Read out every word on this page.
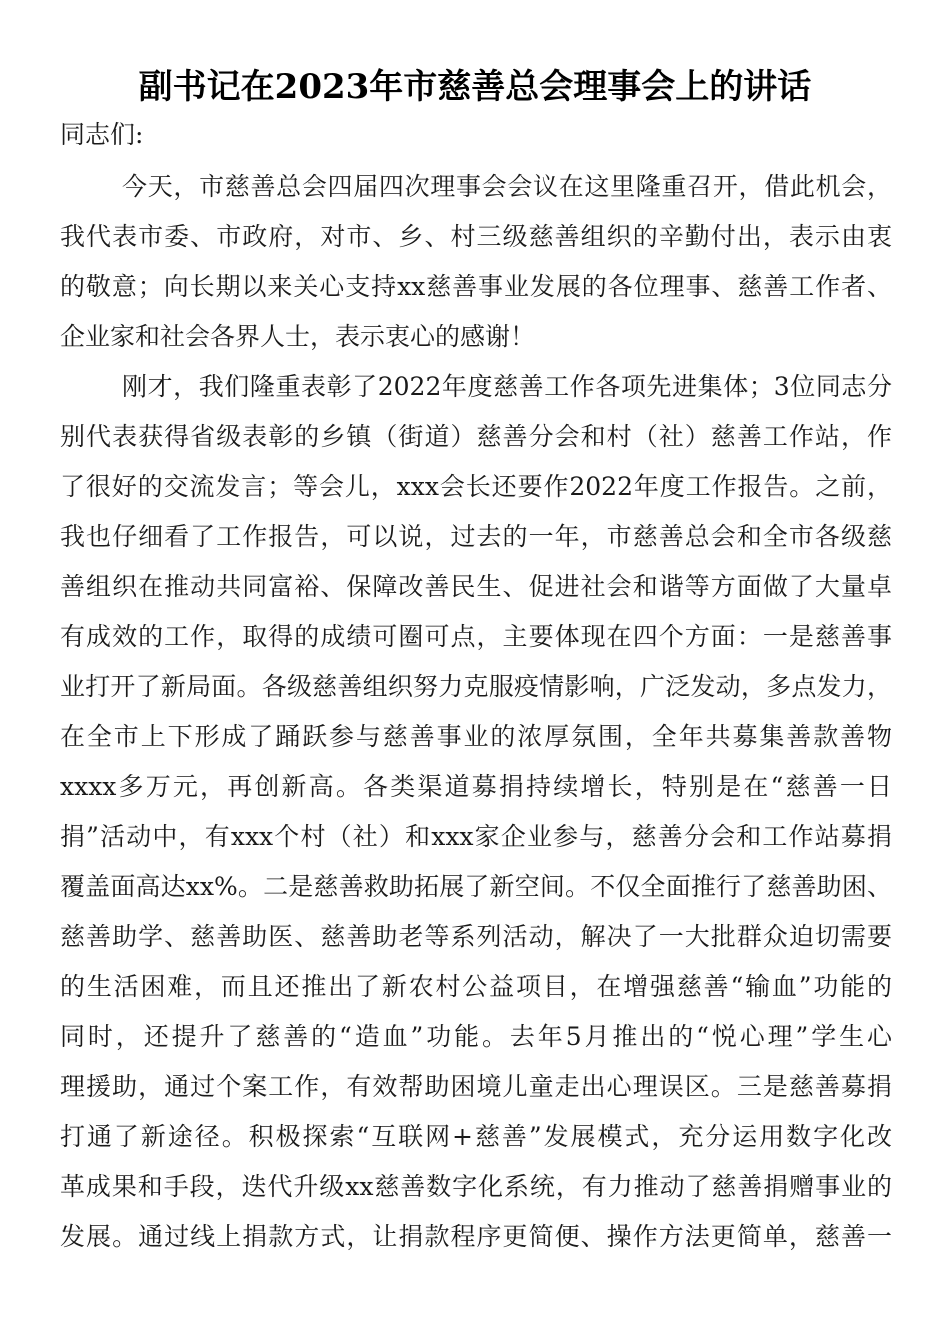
副书记在2023年市慈善总会理事会上的讲话
同志们:
今天，市慈善总会四届四次理事会会议在这里隆重召开，借此机会，
我代表市委、市政府，对市、乡、村三级慈善组织的辛勤付出，表示由衷
的敬意；向长期以来关心支持xx慈善事业发展的各位理事、慈善工作者、
企业家和社会各界人士，表示衷心的感谢！
刚才，我们隆重表彰了2022年度慈善工作各项先进集体；3位同志分
别代表获得省级表彰的乡镇（街道）慈善分会和村（社）慈善工作站，作
了很好的交流发言；等会儿，xxx会长还要作2022年度工作报告。之前，
我也仔细看了工作报告，可以说，过去的一年，市慈善总会和全市各级慈
善组织在推动共同富裕、保障改善民生、促进社会和谐等方面做了大量卓
有成效的工作，取得的成绩可圈可点，主要体现在四个方面：一是慈善事
业打开了新局面。各级慈善组织努力克服疫情影响，广泛发动，多点发力，
在全市上下形成了踊跃参与慈善事业的浓厚氛围，全年共募集善款善物
xxxx多万元，再创新高。各类渠道募捐持续增长，特别是在“慈善一日
捐”活动中，有xxx个村（社）和xxx家企业参与，慈善分会和工作站募捐
覆盖面高达xx%。二是慈善救助拓展了新空间。不仅全面推行了慈善助困、
慈善助学、慈善助医、慈善助老等系列活动，解决了一大批群众迫切需要
的生活困难，而且还推出了新农村公益项目，在增强慈善“输血”功能的
同时，还提升了慈善的“造血”功能。去年5月推出的“悦心理”学生心
理援助，通过个案工作，有效帮助困境儿童走出心理误区。三是慈善募捐
打通了新途径。积极探索“互联网+慈善”发展模式，充分运用数字化改
革成果和手段，迭代升级xx慈善数字化系统，有力推动了慈善捐赠事业的
发展。通过线上捐款方式，让捐款程序更简便、操作方法更简单，慈善一
